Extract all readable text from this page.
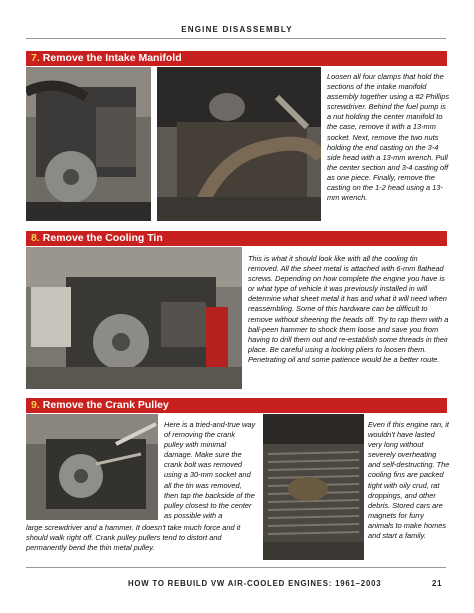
ENGINE DISASSEMBLY
7. Remove the Intake Manifold

Loosen all four clamps that hold the sections of the intake manifold assembly together using a #2 Phillips screwdriver. Behind the fuel pump is a nut holding the center manifold to the case, remove it with a 13-mm socket. Next, remove the two nuts holding the end casting on the 3-4 side head with a 13-mm wrench. Pull the center section and 3-4 casting off as one piece. Finally, remove the casting on the 1-2 head using a 13-mm wrench.

8. Remove the Cooling Tin

This is what it should look like with all the cooling tin removed. All the sheet metal is attached with 6-mm flathead screws. Depending on how complete the engine you have is or what type of vehicle it was previously installed in will determine what sheet metal it has and what it will need when reassembling. Some of this hardware can be difficult to remove without sheering the heads off. Try to rap them with a ball-peen hammer to shock them loose and save you from having to drill them out and re-establish some threads in their place. Be careful using a locking pliers to loosen them. Penetrating oil and some patience would be a better route.

9. Remove the Crank Pulley

Here is a tried-and-true way of removing the crank pulley with minimal damage. Make sure the crank bolt was removed using a 30-mm socket and all the tin was removed, then tap the backside of the pulley closest to the center as possible with a

large screwdriver and a hammer. It doesn't take much force and it should walk right off. Crank pulley pullers tend to distort and permanently bend the thin metal pulley.

Even if this engine ran, it wouldn't have lasted very long without severely overheating and self-destructing. The cooling fins are packed tight with oily crud, rat droppings, and other debris. Stored cars are magnets for furry animals to make homes and start a family.

HOW TO REBUILD VW AIR-COOLED ENGINES: 1961–2003	21
